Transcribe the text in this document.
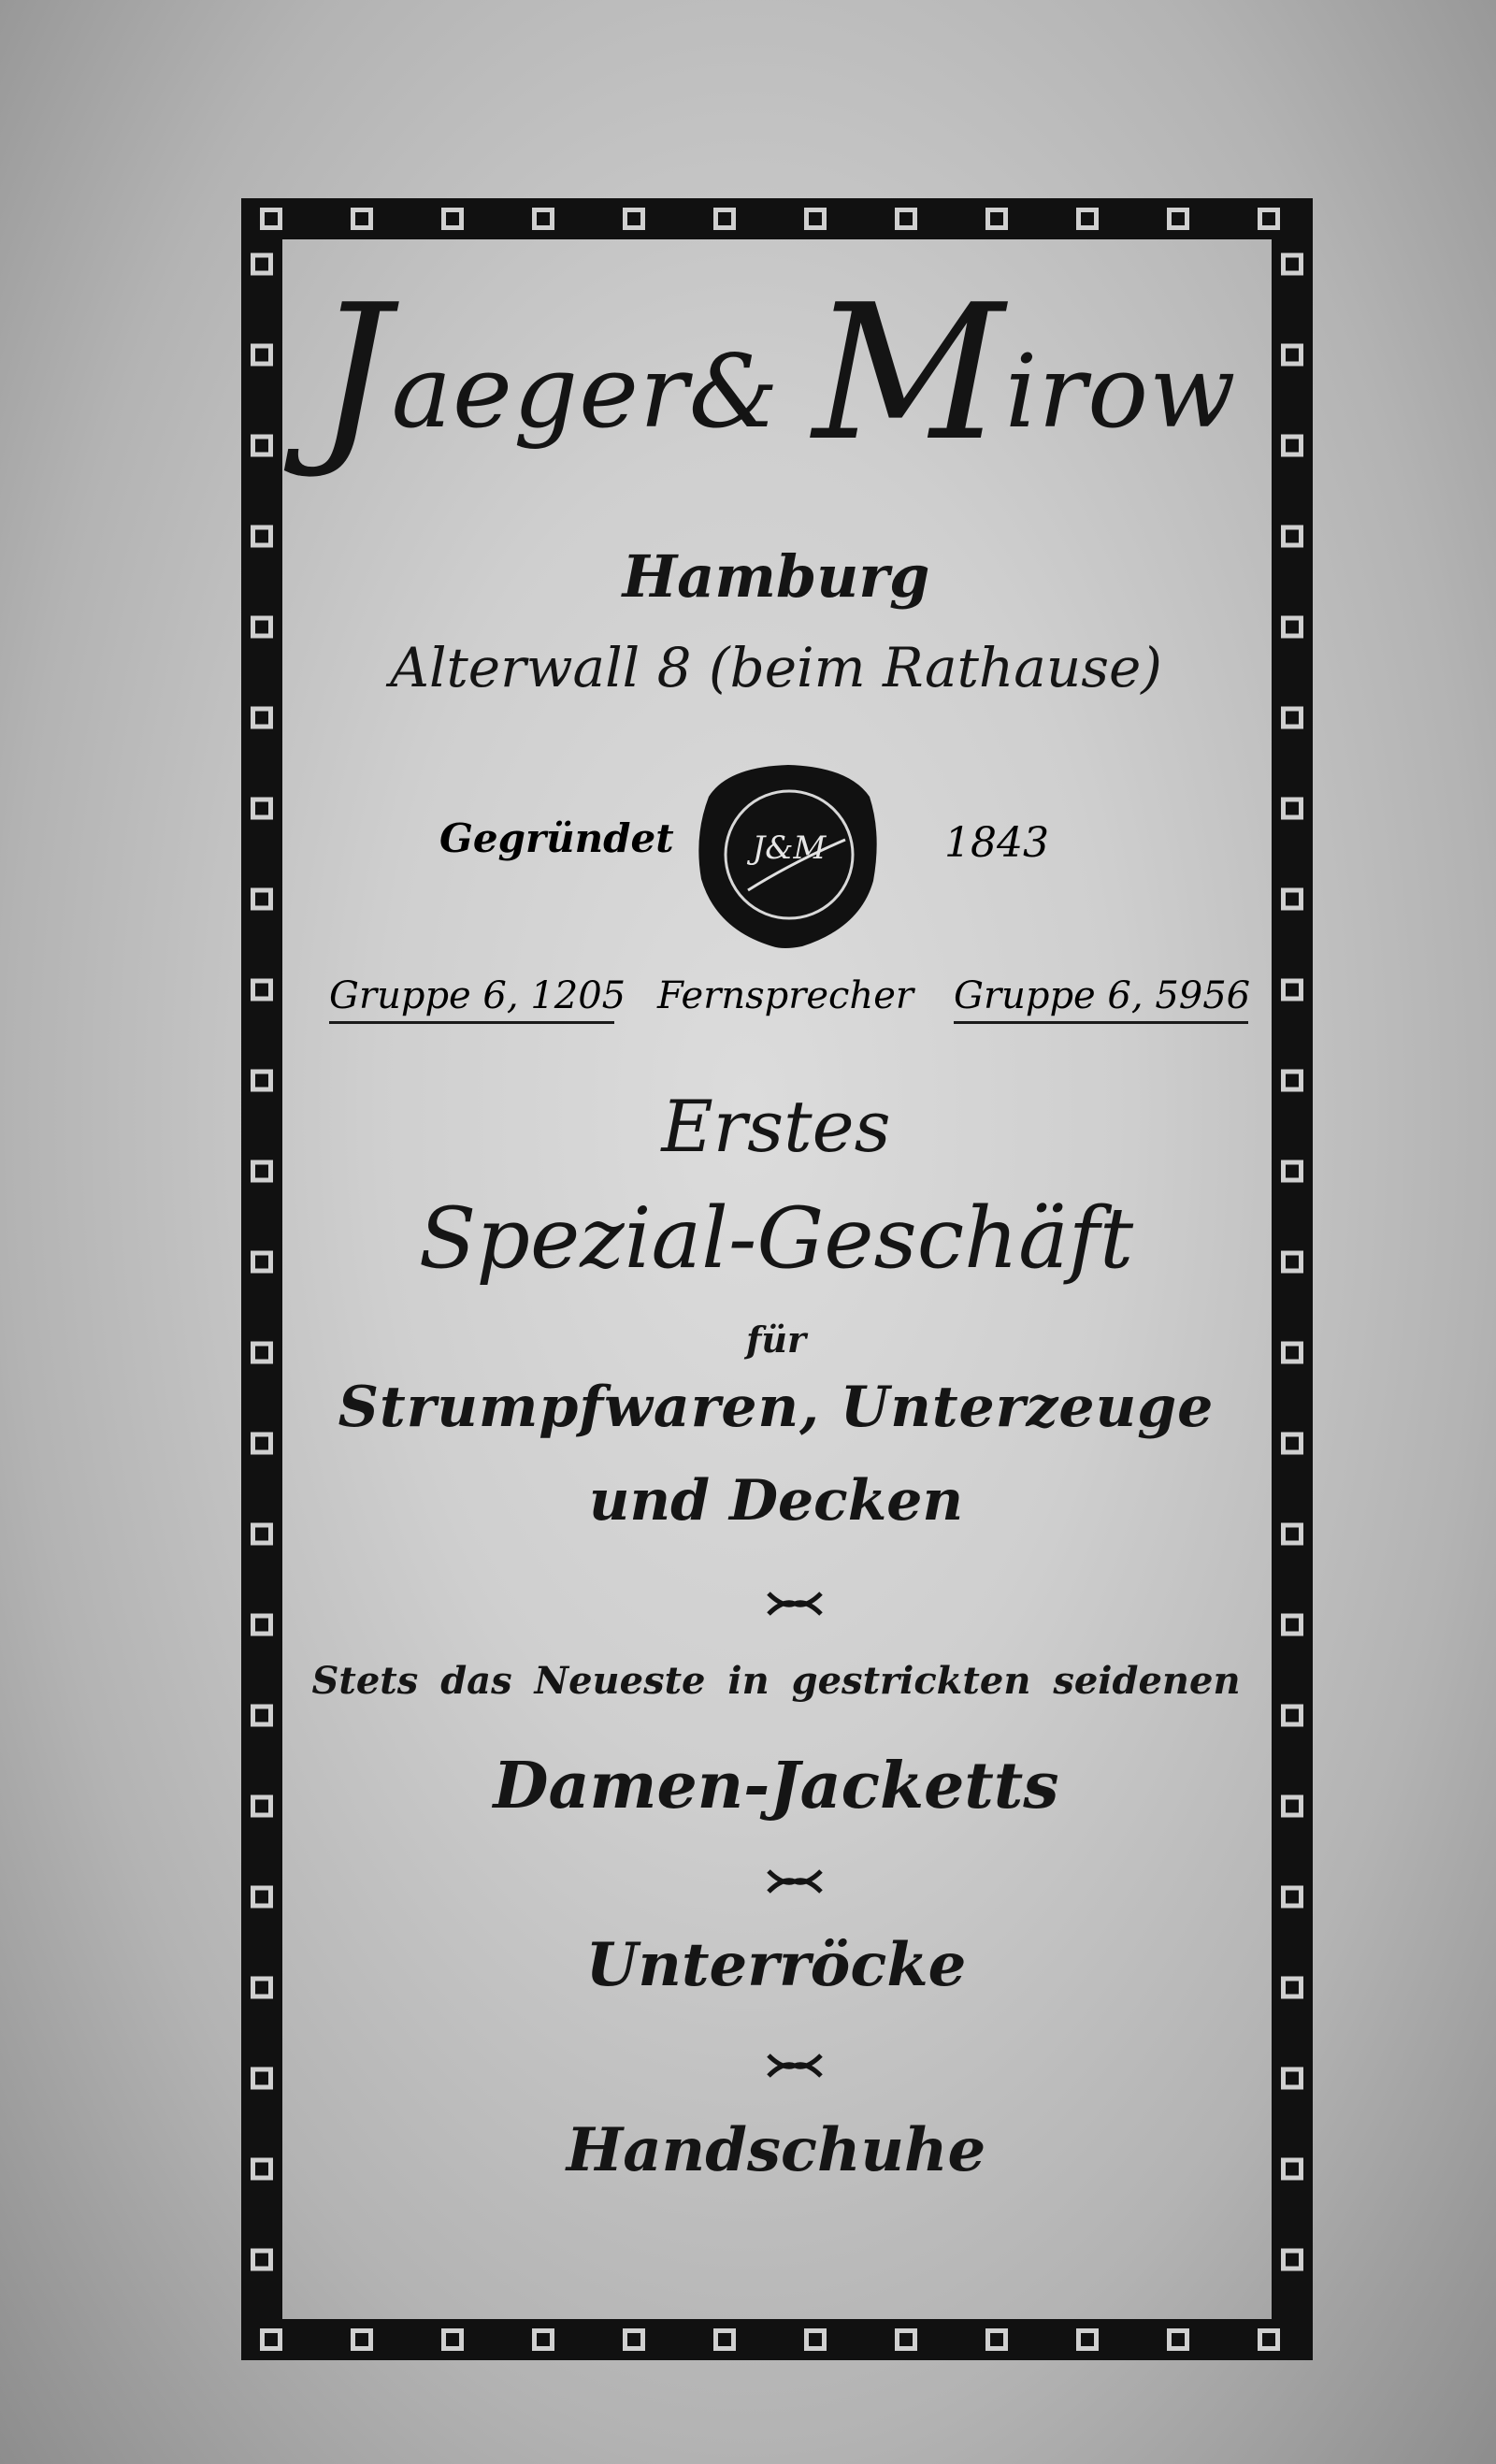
Jaeger& Mirow
Hamburg
Alterwall 8 (beim Rathause)
Erstes
Spezial-Geschäft
für
Strumpfwaren, Unterzeuge
und Decken
Stets das Neueste in gestrickten seidenen
Damen-Jacketts
Unterröcke
Handschuhe
Gegründet	1843
J&M
Gruppe 6, 1205 Fernsprecher	Gruppe 6, 5956
